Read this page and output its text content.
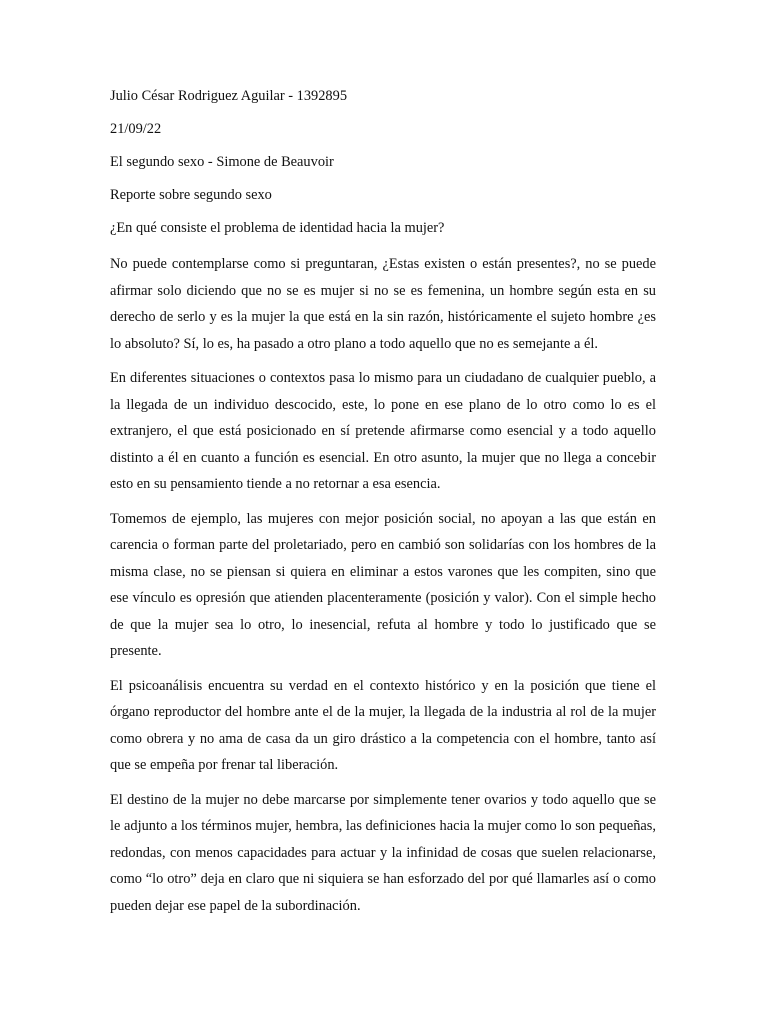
Julio César Rodriguez Aguilar - 1392895

21/09/22

El segundo sexo - Simone de Beauvoir

Reporte sobre segundo sexo

¿En qué consiste el problema de identidad hacia la mujer?

No puede contemplarse como si preguntaran, ¿Estas existen o están presentes?, no se puede afirmar solo diciendo que no se es mujer si no se es femenina, un hombre según esta en su derecho de serlo y es la mujer la que está en la sin razón, históricamente el sujeto hombre ¿es lo absoluto? Sí, lo es, ha pasado a otro plano a todo aquello que no es semejante a él.

En diferentes situaciones o contextos pasa lo mismo para un ciudadano de cualquier pueblo, a la llegada de un individuo descocido, este, lo pone en ese plano de lo otro como lo es el extranjero, el que está posicionado en sí pretende afirmarse como esencial y a todo aquello distinto a él en cuanto a función es esencial. En otro asunto, la mujer que no llega a concebir esto en su pensamiento tiende a no retornar a esa esencia.

Tomemos de ejemplo, las mujeres con mejor posición social, no apoyan a las que están en carencia o forman parte del proletariado, pero en cambió son solidarías con los hombres de la misma clase, no se piensan si quiera en eliminar a estos varones que les compiten, sino que ese vínculo es opresión que atienden placenteramente (posición y valor). Con el simple hecho de que la mujer sea lo otro, lo inesencial, refuta al hombre y todo lo justificado que se presente.

El psicoanálisis encuentra su verdad en el contexto histórico y en la posición que tiene el órgano reproductor del hombre ante el de la mujer, la llegada de la industria al rol de la mujer como obrera y no ama de casa da un giro drástico a la competencia con el hombre, tanto así que se empeña por frenar tal liberación.

El destino de la mujer no debe marcarse por simplemente tener ovarios y todo aquello que se le adjunto a los términos mujer, hembra, las definiciones hacia la mujer como lo son pequeñas, redondas, con menos capacidades para actuar y la infinidad de cosas que suelen relacionarse, como “lo otro” deja en claro que ni siquiera se han esforzado del por qué llamarles así o como pueden dejar ese papel de la subordinación.
